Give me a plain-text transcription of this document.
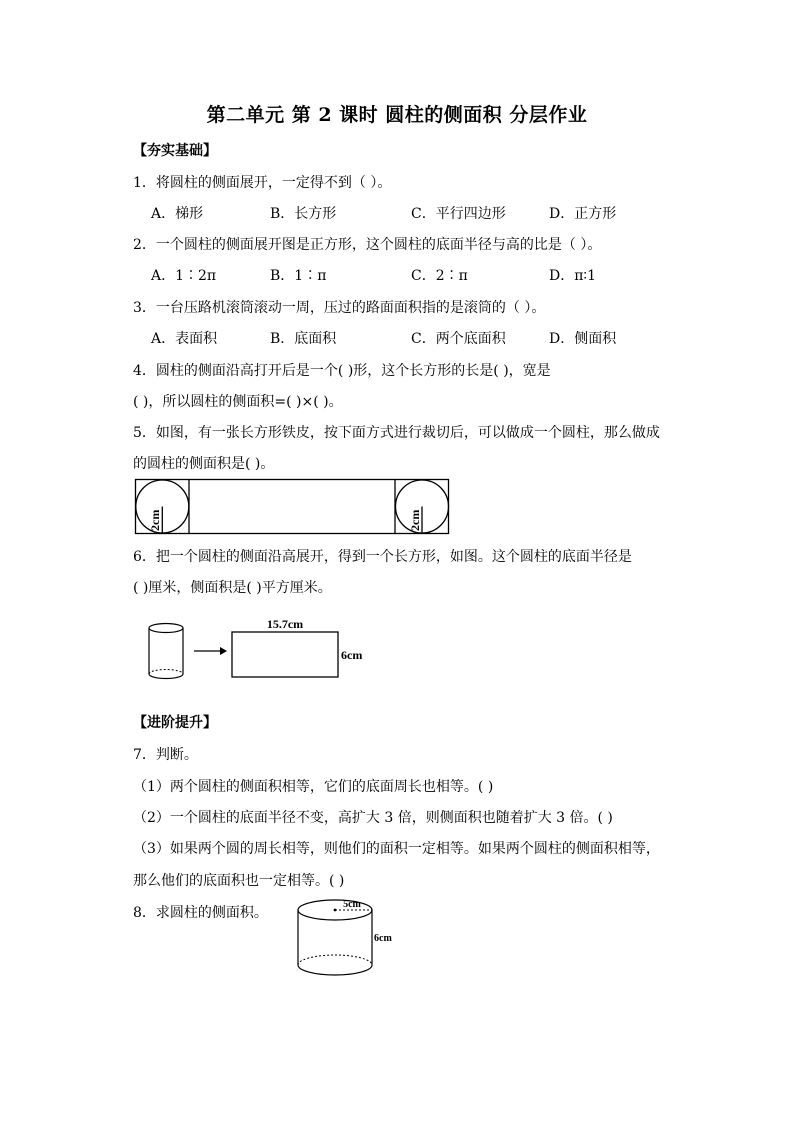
第二单元 第 2 课时 圆柱的侧面积 分层作业
【夯实基础】
1．将圆柱的侧面展开，一定得不到（ ）。
A．梯形	B．长方形	C．平行四边形	D．正方形
2．一个圆柱的侧面展开图是正方形，这个圆柱的底面半径与高的比是（ ）。
A．1∶2π	B．1∶π	C．2∶π	D．π∶1
3．一台压路机滚筒滚动一周，压过的路面面积指的是滚筒的（ ）。
A．表面积	B．底面积	C．两个底面积	D．侧面积
4．圆柱的侧面沿高打开后是一个( )形，这个长方形的长是( )，宽是
( )，所以圆柱的侧面积=( )×( )。
5．如图，有一张长方形铁皮，按下面方式进行裁切后，可以做成一个圆柱，那么做成
的圆柱的侧面积是( )。
2cm	2cm
6．把一个圆柱的侧面沿高展开，得到一个长方形，如图。这个圆柱的底面半径是
( )厘米，侧面积是( )平方厘米。
15.7cm
6cm
【进阶提升】
7．判断。
（1）两个圆柱的侧面积相等，它们的底面周长也相等。( )
（2）一个圆柱的底面半径不变，高扩大 3 倍，则侧面积也随着扩大 3 倍。( )
（3）如果两个圆的周长相等，则他们的面积一定相等。如果两个圆柱的侧面积相等，
那么他们的底面积也一定相等。( )
8．求圆柱的侧面积。
5cm
6cm
